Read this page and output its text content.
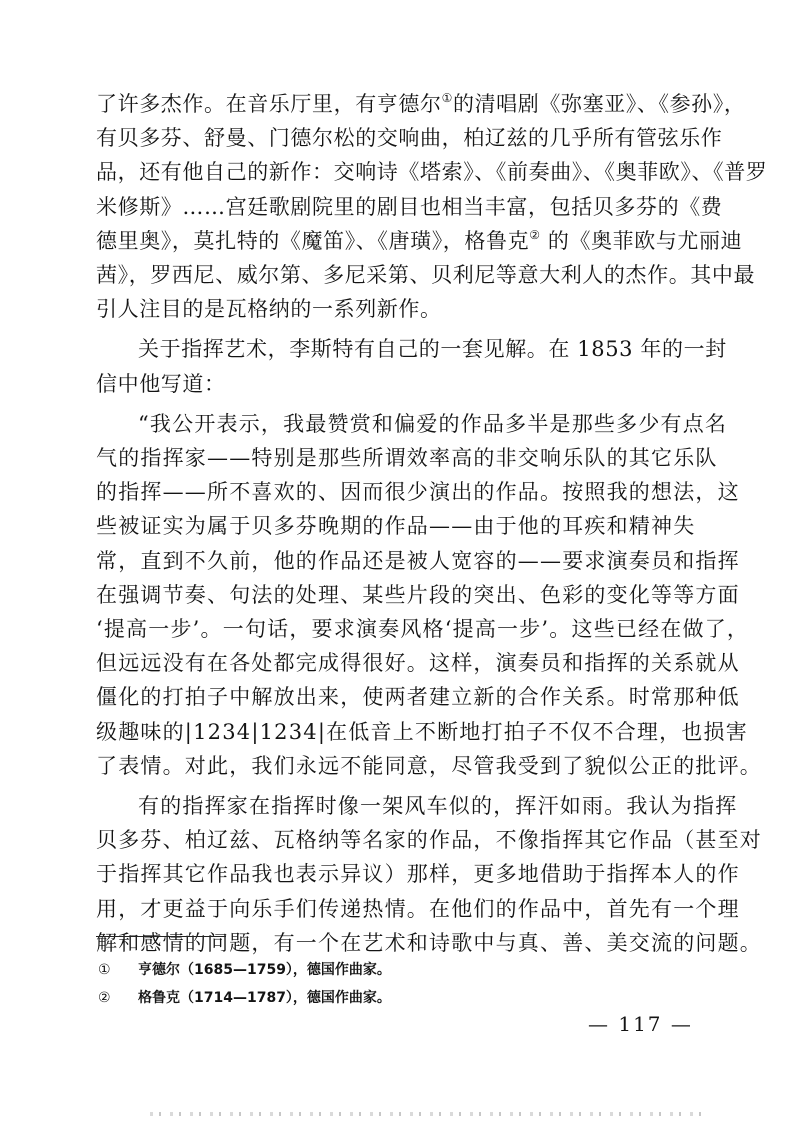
了许多杰作。在音乐厅里，有亨德尔①的清唱剧《弥塞亚》、《参孙》，

有贝多芬、舒曼、门德尔松的交响曲，柏辽兹的几乎所有管弦乐作

品，还有他自己的新作：交响诗《塔索》、《前奏曲》、《奥菲欧》、《普罗

米修斯》……宫廷歌剧院里的剧目也相当丰富，包括贝多芬的《费

德里奥》，莫扎特的《魔笛》、《唐璜》，格鲁克② 的《奥菲欧与尤丽迪

茜》，罗西尼、威尔第、多尼采第、贝利尼等意大利人的杰作。其中最

引人注目的是瓦格纳的一系列新作。

关于指挥艺术，李斯特有自己的一套见解。在 1853 年的一封

信中他写道：

“我公开表示，我最赞赏和偏爱的作品多半是那些多少有点名

气的指挥家——特别是那些所谓效率高的非交响乐队的其它乐队

的指挥——所不喜欢的、因而很少演出的作品。按照我的想法，这

些被证实为属于贝多芬晚期的作品——由于他的耳疾和精神失

常，直到不久前，他的作品还是被人宽容的——要求演奏员和指挥

在强调节奏、句法的处理、某些片段的突出、色彩的变化等等方面

‘提高一步’。一句话，要求演奏风格‘提高一步’。这些已经在做了，

但远远没有在各处都完成得很好。这样，演奏员和指挥的关系就从

僵化的打拍子中解放出来，使两者建立新的合作关系。时常那种低

级趣味的|1234|1234|在低音上不断地打拍子不仅不合理，也损害

了表情。对此，我们永远不能同意，尽管我受到了貌似公正的批评。

有的指挥家在指挥时像一架风车似的，挥汗如雨。我认为指挥

贝多芬、柏辽兹、瓦格纳等名家的作品，不像指挥其它作品（甚至对

于指挥其它作品我也表示异议）那样，更多地借助于指挥本人的作

用，才更益于向乐手们传递热情。在他们的作品中，首先有一个理

解和感情的问题，有一个在艺术和诗歌中与真、善、美交流的问题。

① 亨德尔（1685—1759），德国作曲家。
② 格鲁克（1714—1787），德国作曲家。
— 117 —
